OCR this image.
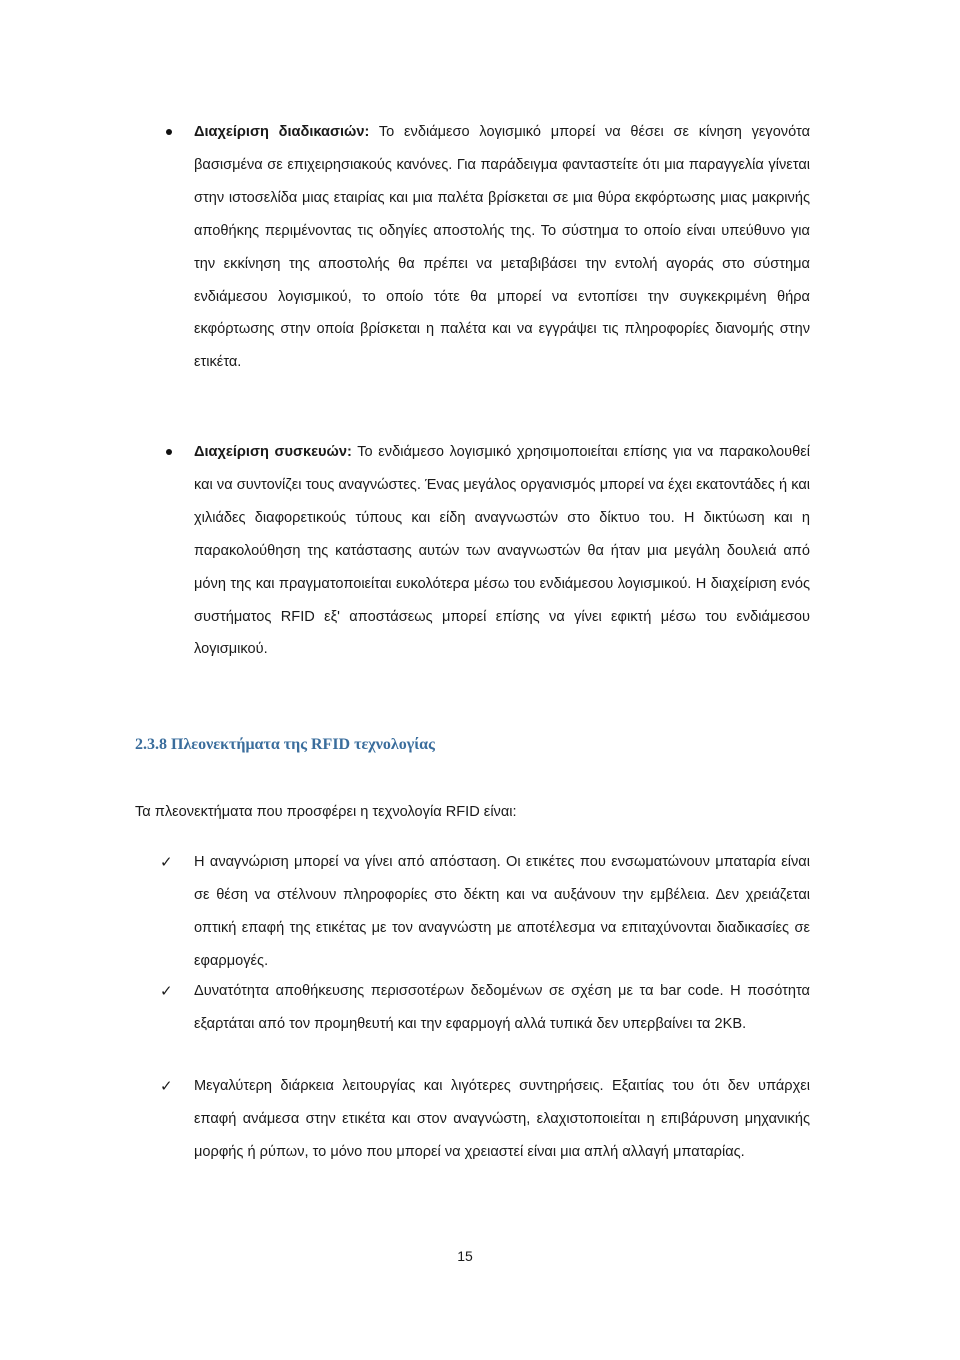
Διαχείριση διαδικασιών: Το ενδιάμεσο λογισμικό μπορεί να θέσει σε κίνηση γεγονότα βασισμένα σε επιχειρησιακούς κανόνες. Για παράδειγμα φανταστείτε ότι μια παραγγελία γίνεται στην ιστοσελίδα μιας εταιρίας και μια παλέτα βρίσκεται σε μια θύρα εκφόρτωσης μιας μακρινής αποθήκης περιμένοντας τις οδηγίες αποστολής της. Το σύστημα το οποίο είναι υπεύθυνο για την εκκίνηση της αποστολής θα πρέπει να μεταβιβάσει την εντολή αγοράς στο σύστημα ενδιάμεσου λογισμικού, το οποίο τότε θα μπορεί να εντοπίσει την συγκεκριμένη θήρα εκφόρτωσης στην οποία βρίσκεται η παλέτα και να εγγράψει τις πληροφορίες διανομής στην ετικέτα.

Διαχείριση συσκευών: Το ενδιάμεσο λογισμικό χρησιμοποιείται επίσης για να παρακολουθεί και να συντονίζει τους αναγνώστες. Ένας μεγάλος οργανισμός μπορεί να έχει εκατοντάδες ή και χιλιάδες διαφορετικούς τύπους και είδη αναγνωστών στο δίκτυο του. Η δικτύωση και η παρακολούθηση της κατάστασης αυτών των αναγνωστών θα ήταν μια μεγάλη δουλειά από μόνη της και πραγματοποιείται ευκολότερα μέσω του ενδιάμεσου λογισμικού. Η διαχείριση ενός συστήματος RFID εξ' αποστάσεως μπορεί επίσης να γίνει εφικτή μέσω του ενδιάμεσου λογισμικού.

2.3.8 Πλεονεκτήματα της RFID τεχνολογίας

Τα πλεονεκτήματα που προσφέρει η τεχνολογία RFID είναι:

✓ Η αναγνώριση μπορεί να γίνει από απόσταση. Οι ετικέτες που ενσωματώνουν μπαταρία είναι σε θέση να στέλνουν πληροφορίες στο δέκτη και να αυξάνουν την εμβέλεια. Δεν χρειάζεται οπτική επαφή της ετικέτας με τον αναγνώστη με αποτέλεσμα να επιταχύνονται διαδικασίες σε εφαρμογές.

✓ Δυνατότητα αποθήκευσης περισσοτέρων δεδομένων σε σχέση με τα bar code. Η ποσότητα εξαρτάται από τον προμηθευτή και την εφαρμογή αλλά τυπικά δεν υπερβαίνει τα 2KB.

✓ Μεγαλύτερη διάρκεια λειτουργίας και λιγότερες συντηρήσεις. Εξαιτίας του ότι δεν υπάρχει επαφή ανάμεσα στην ετικέτα και στον αναγνώστη, ελαχιστοποιείται η επιβάρυνση μηχανικής μορφής ή ρύπων, το μόνο που μπορεί να χρειαστεί είναι μια απλή αλλαγή μπαταρίας.

15
